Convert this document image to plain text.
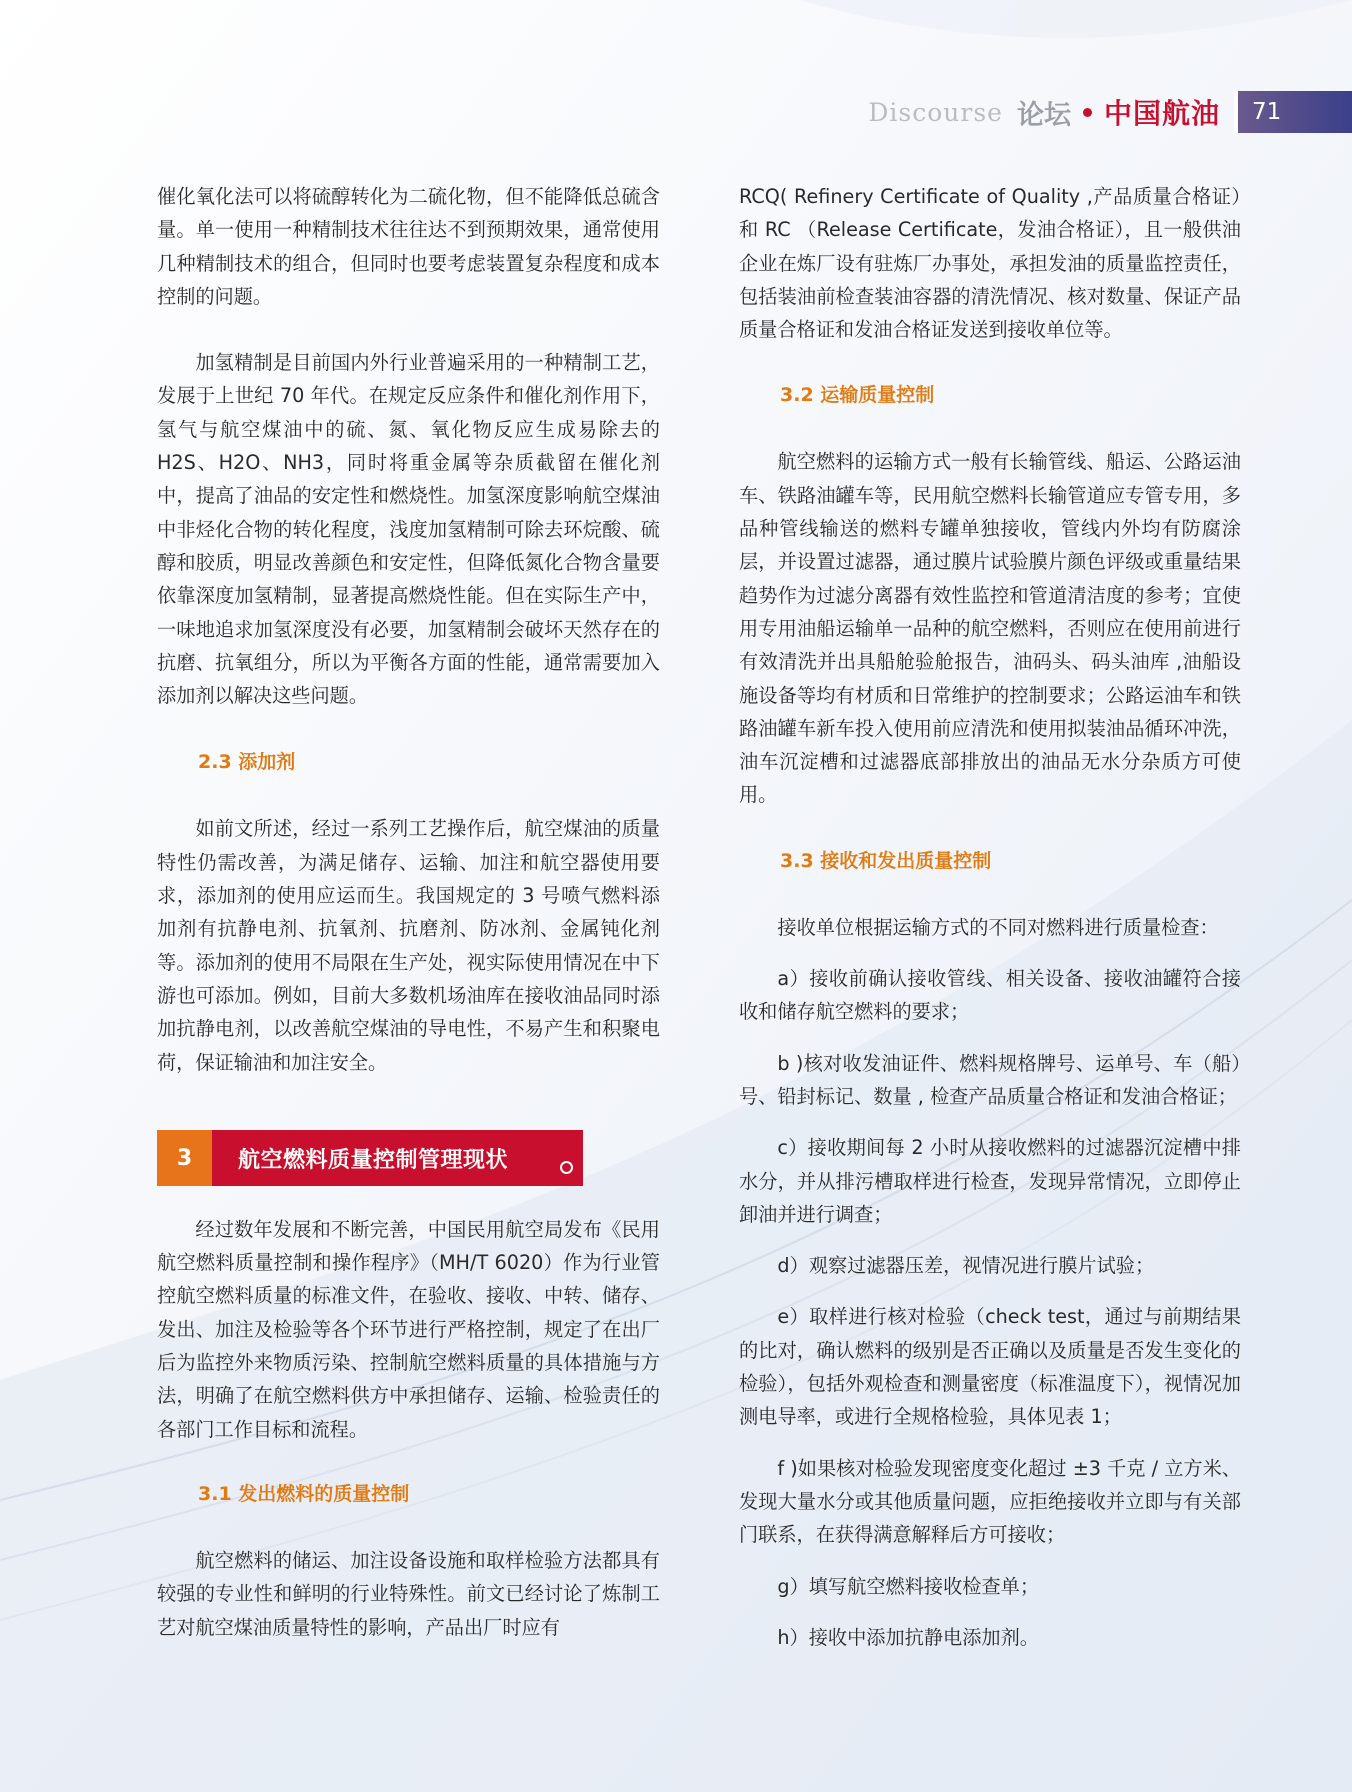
Discourse 论坛 中国航油	71

催化氧化法可以将硫醇转化为二硫化物，但不能降低总硫含量。单一使用一种精制技术往往达不到预期效果，通常使用几种精制技术的组合，但同时也要考虑装置复杂程度和成本控制的问题。

加氢精制是目前国内外行业普遍采用的一种精制工艺，发展于上世纪 70 年代。在规定反应条件和催化剂作用下，氢气与航空煤油中的硫、氮、氧化物反应生成易除去的 H2S、H2O、NH3，同时将重金属等杂质截留在催化剂中，提高了油品的安定性和燃烧性。加氢深度影响航空煤油中非烃化合物的转化程度，浅度加氢精制可除去环烷酸、硫醇和胶质，明显改善颜色和安定性，但降低氮化合物含量要依靠深度加氢精制，显著提高燃烧性能。但在实际生产中，一味地追求加氢深度没有必要，加氢精制会破坏天然存在的抗磨、抗氧组分，所以为平衡各方面的性能，通常需要加入添加剂以解决这些问题。

2.3 添加剂

如前文所述，经过一系列工艺操作后，航空煤油的质量特性仍需改善，为满足储存、运输、加注和航空器使用要求，添加剂的使用应运而生。我国规定的 3 号喷气燃料添加剂有抗静电剂、抗氧剂、抗磨剂、防冰剂、金属钝化剂等。添加剂的使用不局限在生产处，视实际使用情况在中下游也可添加。例如，目前大多数机场油库在接收油品同时添加抗静电剂，以改善航空煤油的导电性，不易产生和积聚电荷，保证输油和加注安全。

经过数年发展和不断完善，中国民用航空局发布《民用航空燃料质量控制和操作程序》（MH/T 6020）作为行业管控航空燃料质量的标准文件，在验收、接收、中转、储存、发出、加注及检验等各个环节进行严格控制，规定了在出厂后为监控外来物质污染、控制航空燃料质量的具体措施与方法，明确了在航空燃料供方中承担储存、运输、检验责任的各部门工作目标和流程。

3.1 发出燃料的质量控制

航空燃料的储运、加注设备设施和取样检验方法都具有较强的专业性和鲜明的行业特殊性。前文已经讨论了炼制工艺对航空煤油质量特性的影响，产品出厂时应有

3	航空燃料质量控制管理现状

RCQ( Refinery Certificate of Quality ,产品质量合格证）和 RC （Release Certificate，发油合格证），且一般供油企业在炼厂设有驻炼厂办事处，承担发油的质量监控责任，包括装油前检查装油容器的清洗情况、核对数量、保证产品质量合格证和发油合格证发送到接收单位等。

3.2 运输质量控制

航空燃料的运输方式一般有长输管线、船运、公路运油车、铁路油罐车等，民用航空燃料长输管道应专管专用，多品种管线输送的燃料专罐单独接收，管线内外均有防腐涂层，并设置过滤器，通过膜片试验膜片颜色评级或重量结果趋势作为过滤分离器有效性监控和管道清洁度的参考；宜使用专用油船运输单一品种的航空燃料，否则应在使用前进行有效清洗并出具船舱验舱报告，油码头、码头油库 ,油船设施设备等均有材质和日常维护的控制要求；公路运油车和铁路油罐车新车投入使用前应清洗和使用拟装油品循环冲洗，油车沉淀槽和过滤器底部排放出的油品无水分杂质方可使用。

3.3 接收和发出质量控制

接收单位根据运输方式的不同对燃料进行质量检查：

a）接收前确认接收管线、相关设备、接收油罐符合接收和储存航空燃料的要求；

b )核对收发油证件、燃料规格牌号、运单号、车（船）号、铅封标记、数量 , 检查产品质量合格证和发油合格证；

c）接收期间每 2 小时从接收燃料的过滤器沉淀槽中排水分，并从排污槽取样进行检查，发现异常情况，立即停止卸油并进行调查；

d）观察过滤器压差，视情况进行膜片试验；

e）取样进行核对检验（check test，通过与前期结果的比对，确认燃料的级别是否正确以及质量是否发生变化的检验），包括外观检查和测量密度（标准温度下），视情况加测电导率，或进行全规格检验，具体见表 1；

f )如果核对检验发现密度变化超过 ±3 千克 / 立方米、发现大量水分或其他质量问题，应拒绝接收并立即与有关部门联系，在获得满意解释后方可接收；

g）填写航空燃料接收检查单；

h）接收中添加抗静电添加剂。
